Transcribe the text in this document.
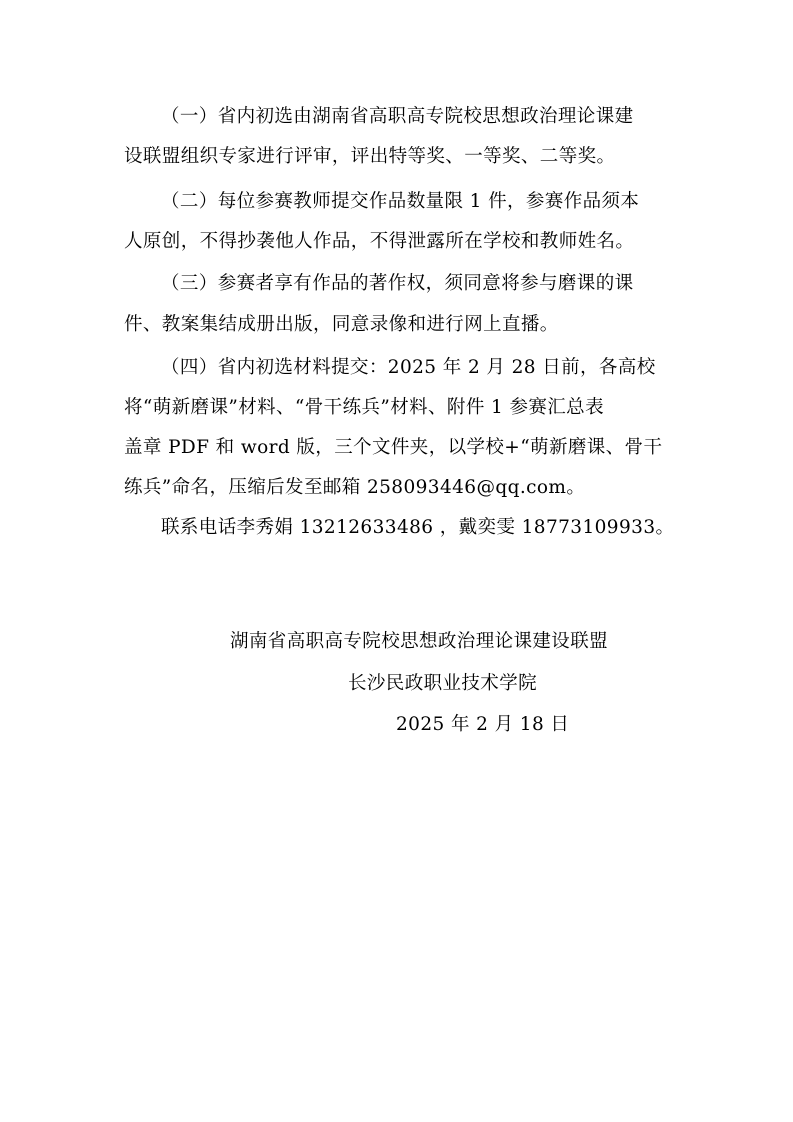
（一）省内初选由湖南省高职高专院校思想政治理论课建

设联盟组织专家进行评审，评出特等奖、一等奖、二等奖。

（二）每位参赛教师提交作品数量限 1 件，参赛作品须本

人原创，不得抄袭他人作品，不得泄露所在学校和教师姓名。

（三）参赛者享有作品的著作权，须同意将参与磨课的课

件、教案集结成册出版，同意录像和进行网上直播。

（四）省内初选材料提交：2025 年 2 月 28 日前，各高校

将“萌新磨课”材料、“骨干练兵”材料、附件 1 参赛汇总表

盖章 PDF 和 word 版，三个文件夹，以学校+“萌新磨课、骨干

练兵”命名，压缩后发至邮箱 258093446@qq.com。

联系电话李秀娟 13212633486 ，戴奕雯 18773109933。

湖南省高职高专院校思想政治理论课建设联盟

长沙民政职业技术学院

2025 年 2 月 18 日
